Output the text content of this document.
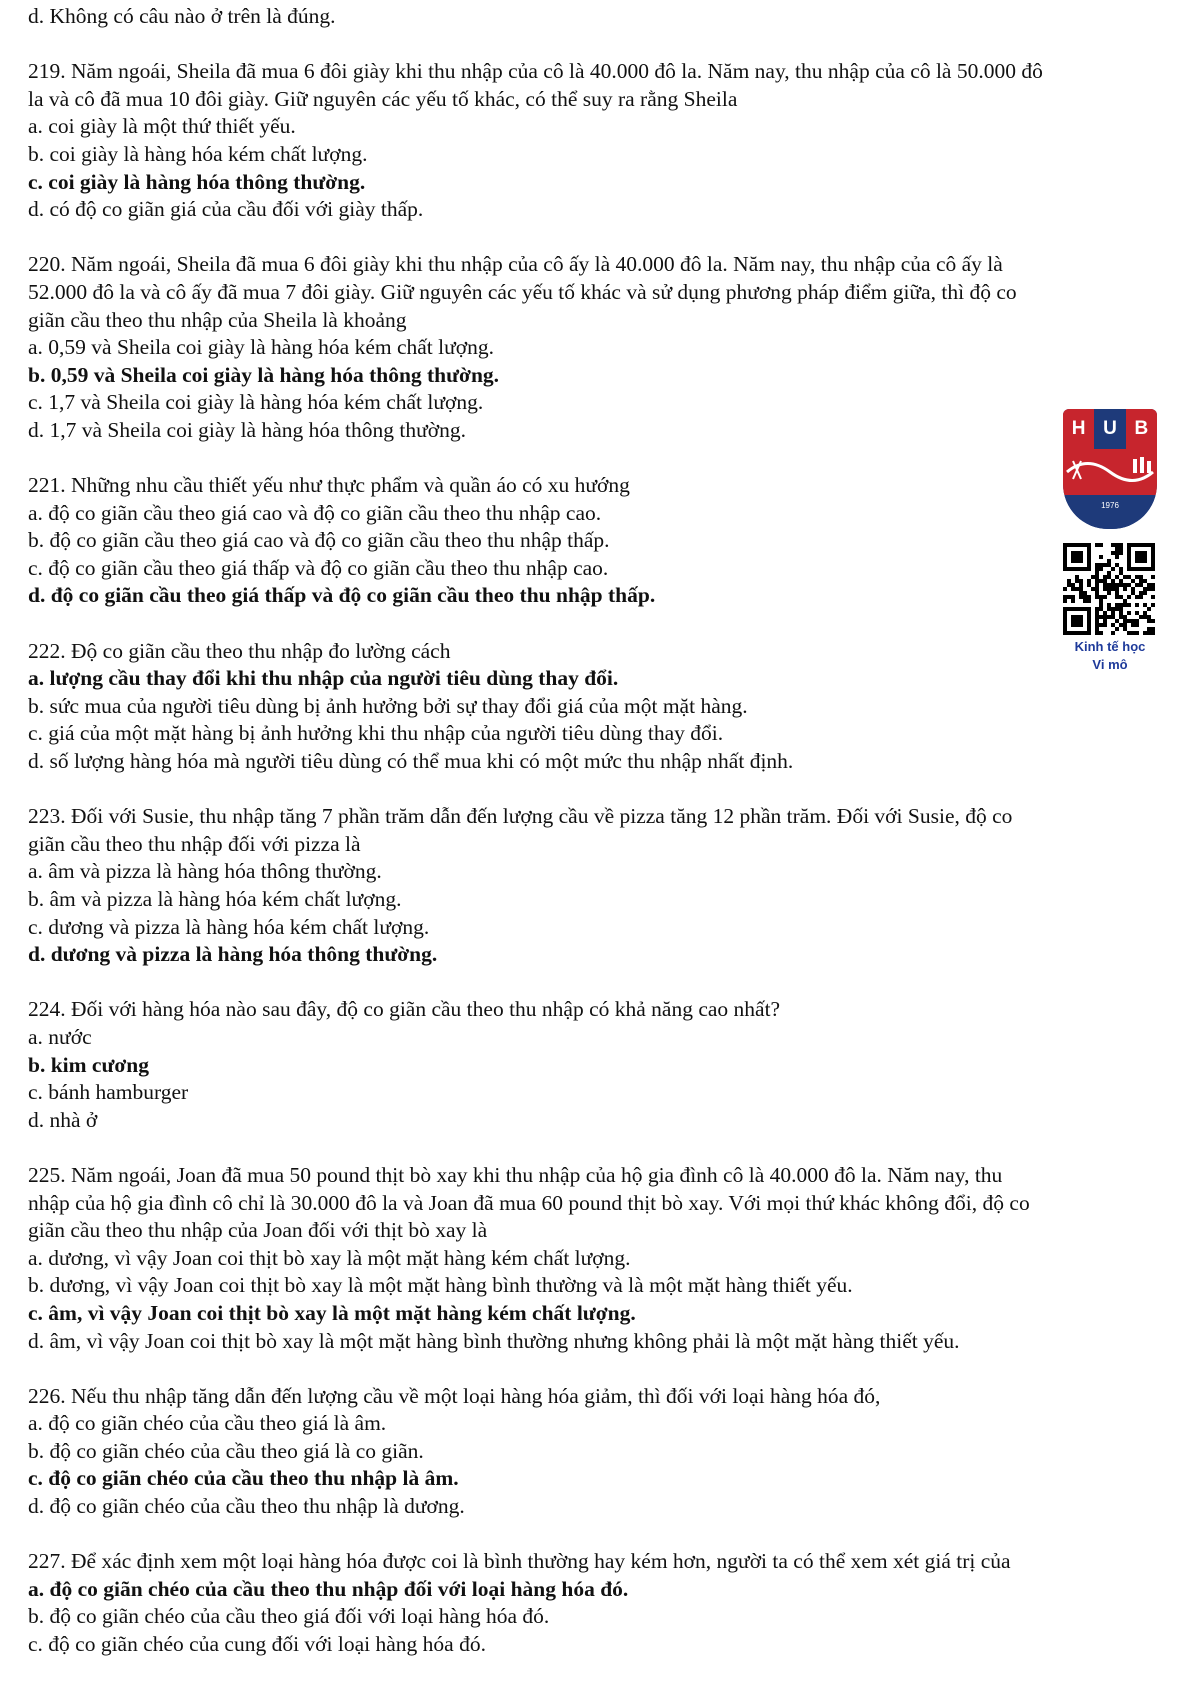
d. Không có câu nào ở trên là đúng.
219. Năm ngoái, Sheila đã mua 6 đôi giày khi thu nhập của cô là 40.000 đô la. Năm nay, thu nhập của cô là 50.000 đô
la và cô đã mua 10 đôi giày. Giữ nguyên các yếu tố khác, có thể suy ra rằng Sheila
a. coi giày là một thứ thiết yếu.
b. coi giày là hàng hóa kém chất lượng.
c. coi giày là hàng hóa thông thường.
d. có độ co giãn giá của cầu đối với giày thấp.
220. Năm ngoái, Sheila đã mua 6 đôi giày khi thu nhập của cô ấy là 40.000 đô la. Năm nay, thu nhập của cô ấy là
52.000 đô la và cô ấy đã mua 7 đôi giày. Giữ nguyên các yếu tố khác và sử dụng phương pháp điểm giữa, thì độ co
giãn cầu theo thu nhập của Sheila là khoảng
a. 0,59 và Sheila coi giày là hàng hóa kém chất lượng.
b. 0,59 và Sheila coi giày là hàng hóa thông thường.
c. 1,7 và Sheila coi giày là hàng hóa kém chất lượng.
d. 1,7 và Sheila coi giày là hàng hóa thông thường.
221. Những nhu cầu thiết yếu như thực phẩm và quần áo có xu hướng
a. độ co giãn cầu theo giá cao và độ co giãn cầu theo thu nhập cao.
b. độ co giãn cầu theo giá cao và độ co giãn cầu theo thu nhập thấp.
c. độ co giãn cầu theo giá thấp và độ co giãn cầu theo thu nhập cao.
d. độ co giãn cầu theo giá thấp và độ co giãn cầu theo thu nhập thấp.
222. Độ co giãn cầu theo thu nhập đo lường cách
a. lượng cầu thay đổi khi thu nhập của người tiêu dùng thay đổi.
b. sức mua của người tiêu dùng bị ảnh hưởng bởi sự thay đổi giá của một mặt hàng.
c. giá của một mặt hàng bị ảnh hưởng khi thu nhập của người tiêu dùng thay đổi.
d. số lượng hàng hóa mà người tiêu dùng có thể mua khi có một mức thu nhập nhất định.
223. Đối với Susie, thu nhập tăng 7 phần trăm dẫn đến lượng cầu về pizza tăng 12 phần trăm. Đối với Susie, độ co
giãn cầu theo thu nhập đối với pizza là
a. âm và pizza là hàng hóa thông thường.
b. âm và pizza là hàng hóa kém chất lượng.
c. dương và pizza là hàng hóa kém chất lượng.
d. dương và pizza là hàng hóa thông thường.
224. Đối với hàng hóa nào sau đây, độ co giãn cầu theo thu nhập có khả năng cao nhất?
a. nước
b. kim cương
c. bánh hamburger
d. nhà ở
225. Năm ngoái, Joan đã mua 50 pound thịt bò xay khi thu nhập của hộ gia đình cô là 40.000 đô la. Năm nay, thu
nhập của hộ gia đình cô chỉ là 30.000 đô la và Joan đã mua 60 pound thịt bò xay. Với mọi thứ khác không đổi, độ co
giãn cầu theo thu nhập của Joan đối với thịt bò xay là
a. dương, vì vậy Joan coi thịt bò xay là một mặt hàng kém chất lượng.
b. dương, vì vậy Joan coi thịt bò xay là một mặt hàng bình thường và là một mặt hàng thiết yếu.
c. âm, vì vậy Joan coi thịt bò xay là một mặt hàng kém chất lượng.
d. âm, vì vậy Joan coi thịt bò xay là một mặt hàng bình thường nhưng không phải là một mặt hàng thiết yếu.
226. Nếu thu nhập tăng dẫn đến lượng cầu về một loại hàng hóa giảm, thì đối với loại hàng hóa đó,
a. độ co giãn chéo của cầu theo giá là âm.
b. độ co giãn chéo của cầu theo giá là co giãn.
c. độ co giãn chéo của cầu theo thu nhập là âm.
d. độ co giãn chéo của cầu theo thu nhập là dương.
227. Để xác định xem một loại hàng hóa được coi là bình thường hay kém hơn, người ta có thể xem xét giá trị của
a. độ co giãn chéo của cầu theo thu nhập đối với loại hàng hóa đó.
b. độ co giãn chéo của cầu theo giá đối với loại hàng hóa đó.
c. độ co giãn chéo của cung đối với loại hàng hóa đó.
H U B
1976
Kinh tế học
Vi mô
